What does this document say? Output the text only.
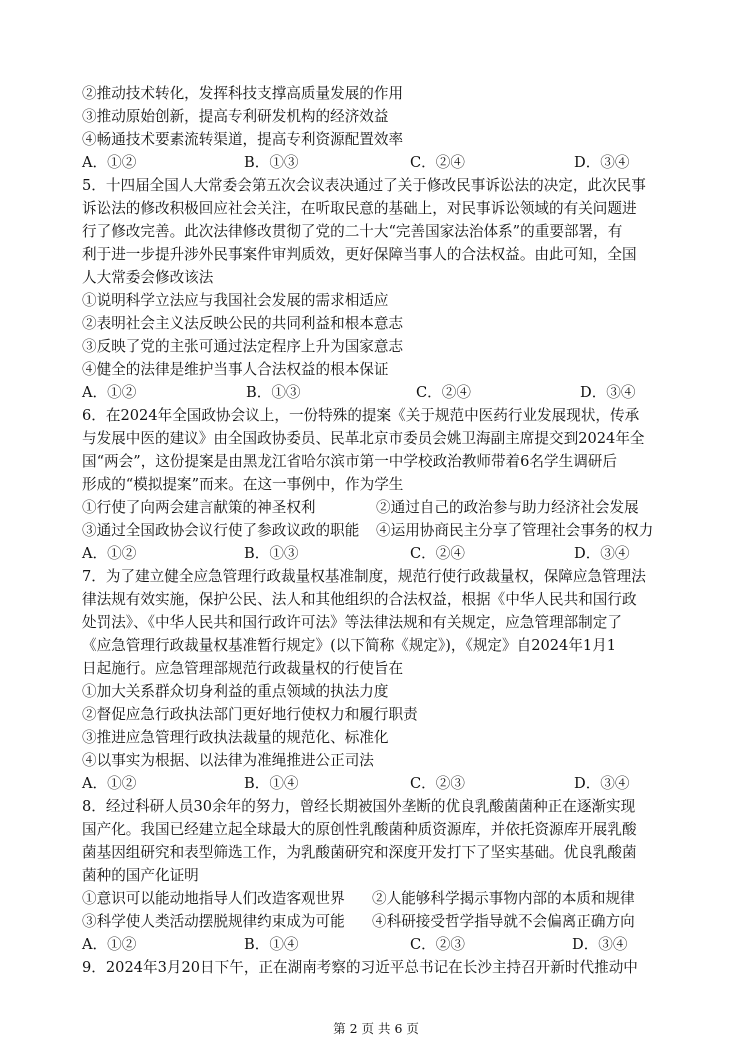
②推动技术转化，发挥科技支撑高质量发展的作用
③推动原始创新，提高专利研发机构的经济效益
④畅通技术要素流转渠道，提高专利资源配置效率
A．①②	B．①③	C．②④	D．③④
5．十四届全国人大常委会第五次会议表决通过了关于修改民事诉讼法的决定，此次民事
诉讼法的修改积极回应社会关注，在听取民意的基础上，对民事诉讼领域的有关问题进
行了修改完善。此次法律修改贯彻了党的二十大“完善国家法治体系”的重要部署，有
利于进一步提升涉外民事案件审判质效，更好保障当事人的合法权益。由此可知，全国
人大常委会修改该法
①说明科学立法应与我国社会发展的需求相适应
②表明社会主义法反映公民的共同利益和根本意志
③反映了党的主张可通过法定程序上升为国家意志
④健全的法律是维护当事人合法权益的根本保证
A．①②	B．①③	C．②④	D．③④
6．在2024年全国政协会议上，一份特殊的提案《关于规范中医药行业发展现状，传承
与发展中医的建议》由全国政协委员、民革北京市委员会姚卫海副主席提交到2024年全
国“两会”，这份提案是由黑龙江省哈尔滨市第一中学校政治教师带着6名学生调研后
形成的“模拟提案”而来。在这一事例中，作为学生
①行使了向两会建言献策的神圣权利	②通过自己的政治参与助力经济社会发展
③通过全国政协会议行使了参政议政的职能 ④运用协商民主分享了管理社会事务的权力
A．①②	B．①③	C．②④	D．③④
7．为了建立健全应急管理行政裁量权基准制度，规范行使行政裁量权，保障应急管理法
律法规有效实施，保护公民、法人和其他组织的合法权益，根据《中华人民共和国行政
处罚法》、《中华人民共和国行政许可法》等法律法规和有关规定，应急管理部制定了
《应急管理行政裁量权基准暂行规定》(以下简称《规定》)，《规定》自2024年1月1
日起施行。应急管理部规范行政裁量权的行使旨在
①加大关系群众切身利益的重点领域的执法力度
②督促应急行政执法部门更好地行使权力和履行职责
③推进应急管理行政执法裁量的规范化、标准化
④以事实为根据、以法律为准绳推进公正司法
A．①②	B．①④	C．②③	D．③④
8．经过科研人员30余年的努力，曾经长期被国外垄断的优良乳酸菌菌种正在逐渐实现
国产化。我国已经建立起全球最大的原创性乳酸菌种质资源库，并依托资源库开展乳酸
菌基因组研究和表型筛选工作，为乳酸菌研究和深度开发打下了坚实基础。优良乳酸菌
菌种的国产化证明
①意识可以能动地指导人们改造客观世界 ②人能够科学揭示事物内部的本质和规律
③科学使人类活动摆脱规律约束成为可能 ④科研接受哲学指导就不会偏离正确方向
A．①②	B．①④	C．②③	D．③④
9．2024年3月20日下午，正在湖南考察的习近平总书记在长沙主持召开新时代推动中
第 2 页 共 6 页
